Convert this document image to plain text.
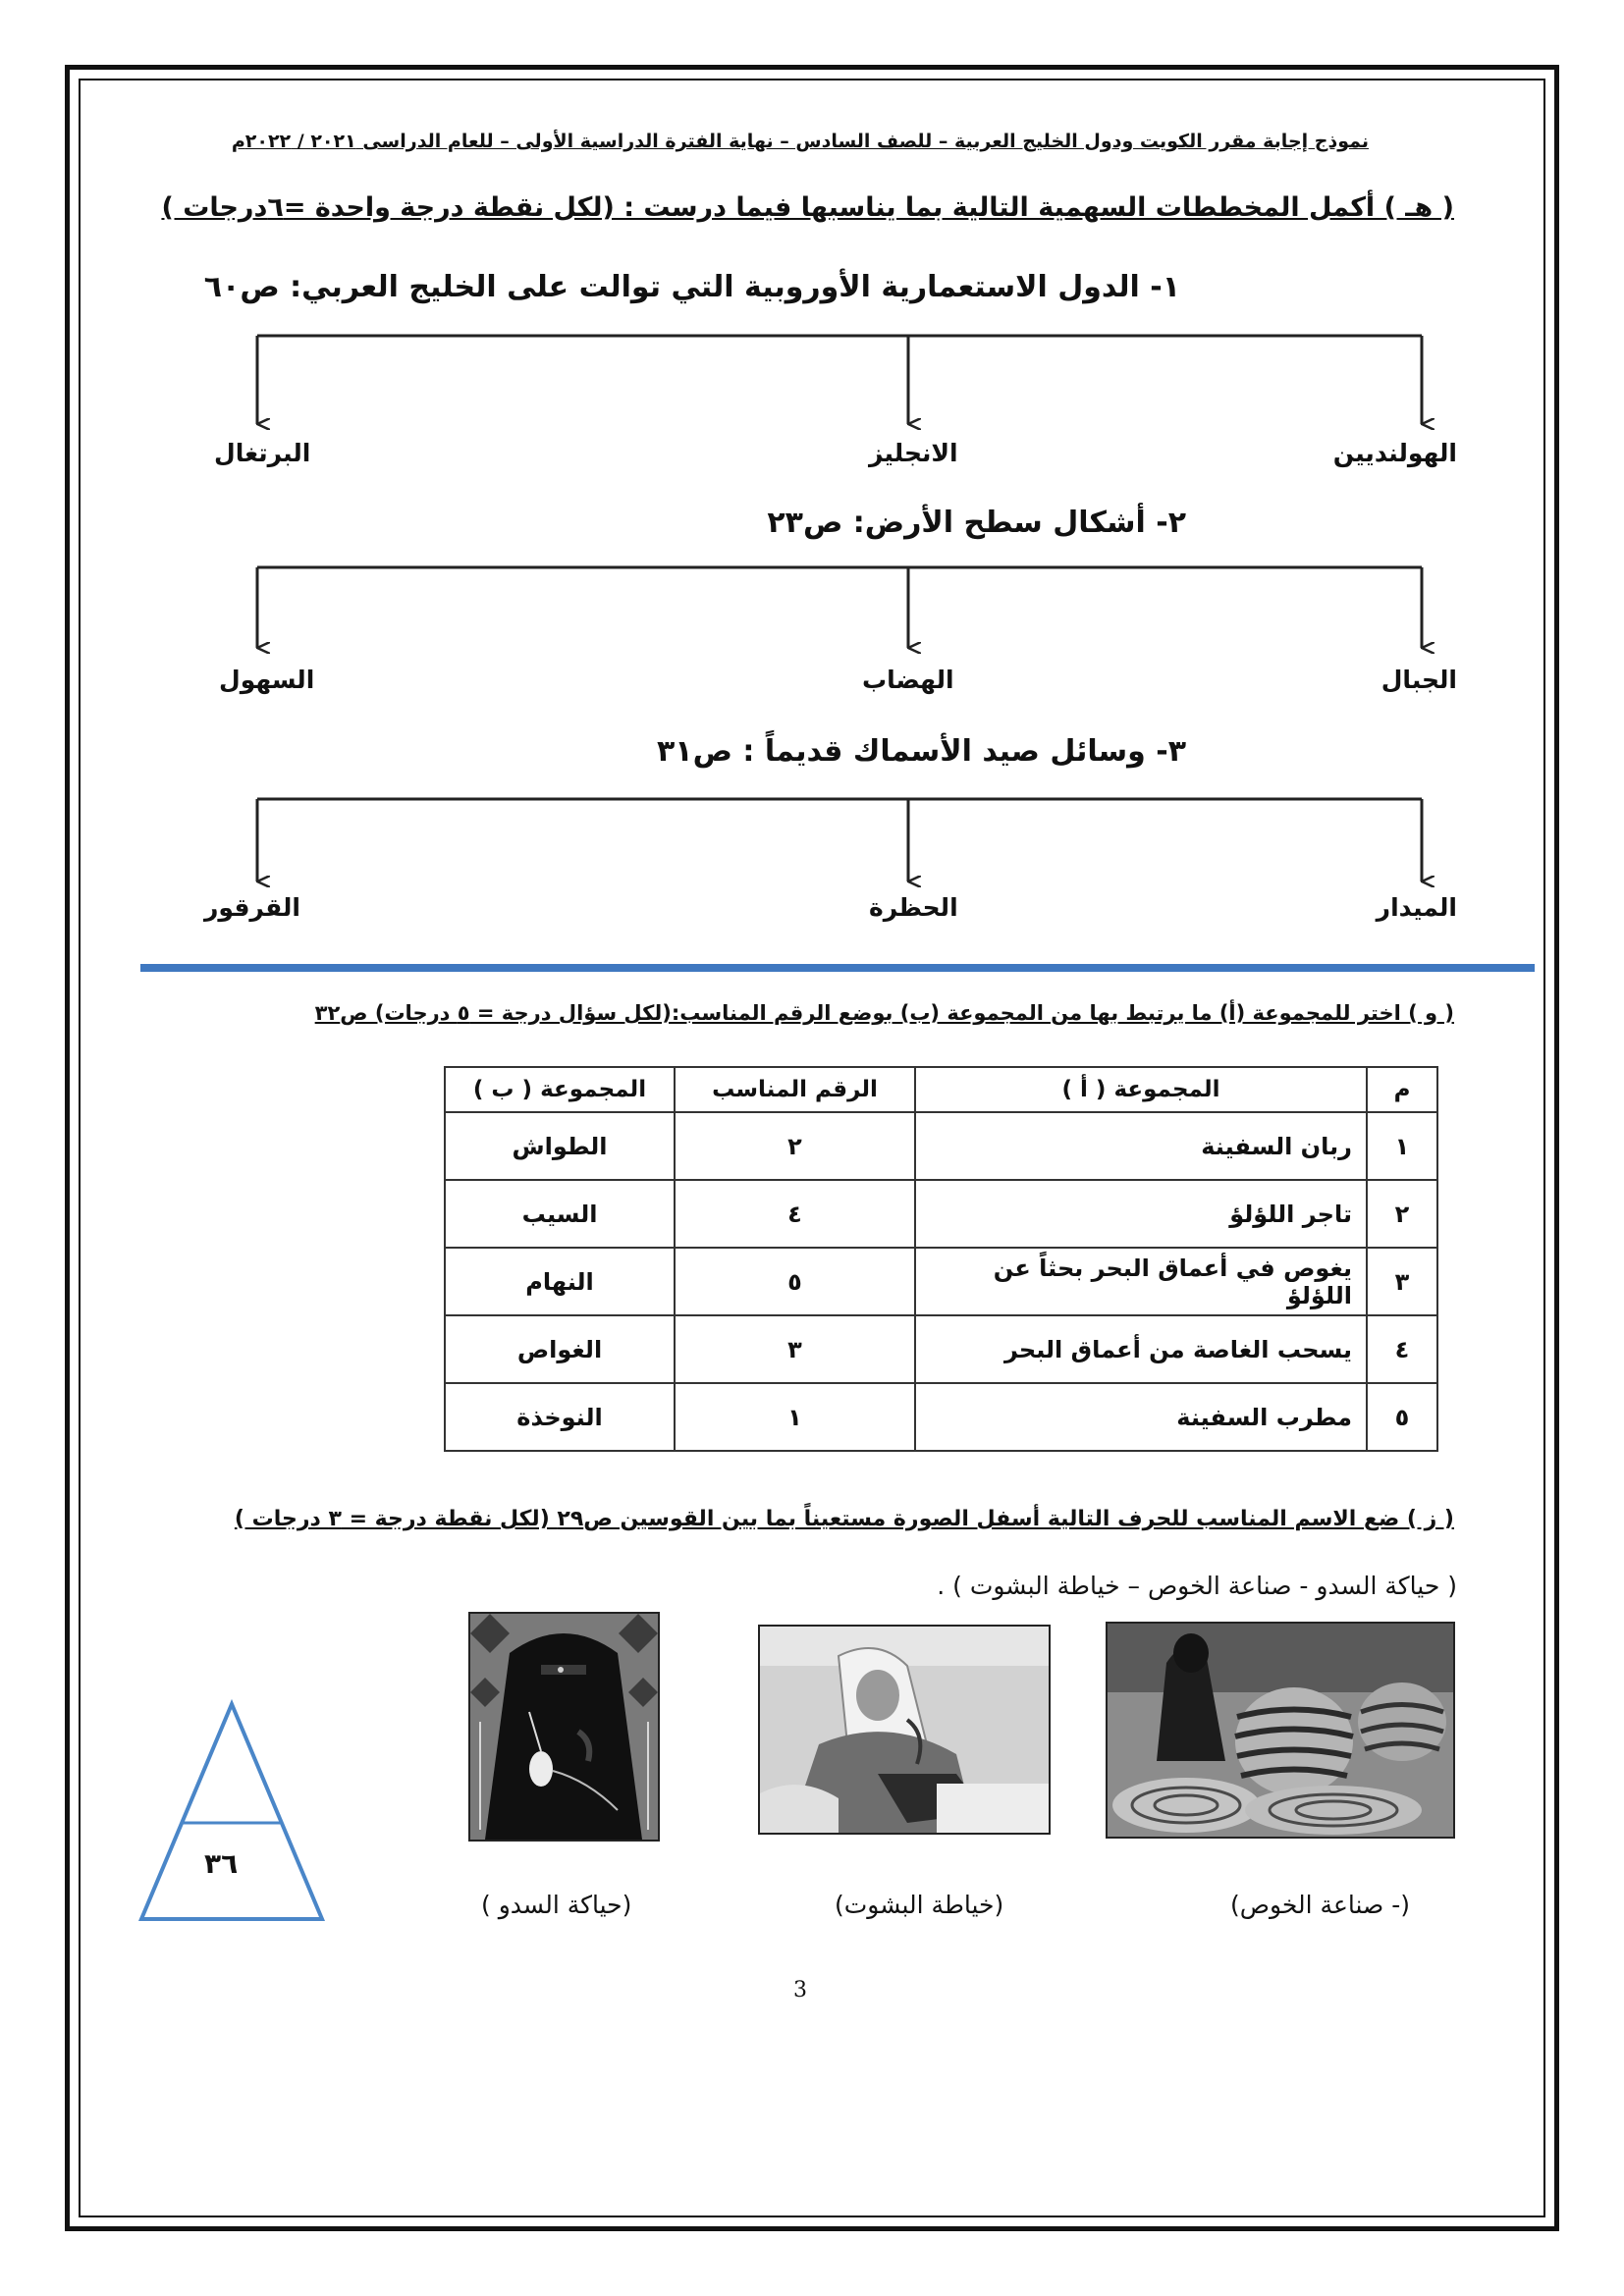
نموذج إجابة مقرر الكويت ودول الخليج العربية – للصف السادس – نهاية الفترة الدراسية الأولى – للعام الدراسى ٢٠٢١ / ٢٠٢٢م
( هـ ) أكمل المخططات السهمية التالية بما يناسبها فيما درست : (لكل نقطة درجة واحدة =٦درجات )
١- الدول الاستعمارية الأوروبية التي توالت على الخليج العربي: ص٦٠
الهولنديين
الانجليز
البرتغال
٢- أشكال سطح الأرض: ص٢٣
الجبال
الهضاب
السهول
٣- وسائل صيد الأسماك قديماً : ص٣١
الميدار
الحظرة
القرقور
( و ) اختر للمجموعة (أ) ما يرتبط بها من المجموعة (ب) بوضع الرقم المناسب:(لكل سؤال درجة = ٥ درجات) ص٣٢
م	المجموعة ( أ )	الرقم المناسب	المجموعة ( ب )
١	ربان السفينة	٢	الطواش
٢	تاجر اللؤلؤ	٤	السيب
٣	يغوص في أعماق البحر بحثاً عن اللؤلؤ	٥	النهام
٤	يسحب الغاصة من أعماق البحر	٣	الغواص
٥	مطرب السفينة	١	النوخذة
( ز ) ضع الاسم المناسب للحرف التالية أسفل الصورة مستعيناً بما بين القوسين ص٢٩ (لكل نقطة درجة = ٣ درجات )
( حياكة السدو - صناعة الخوص – خياطة البشوت ) .
(- صناعة الخوص)
(خياطة البشوت)
(حياكة السدو )
٣٦
3
